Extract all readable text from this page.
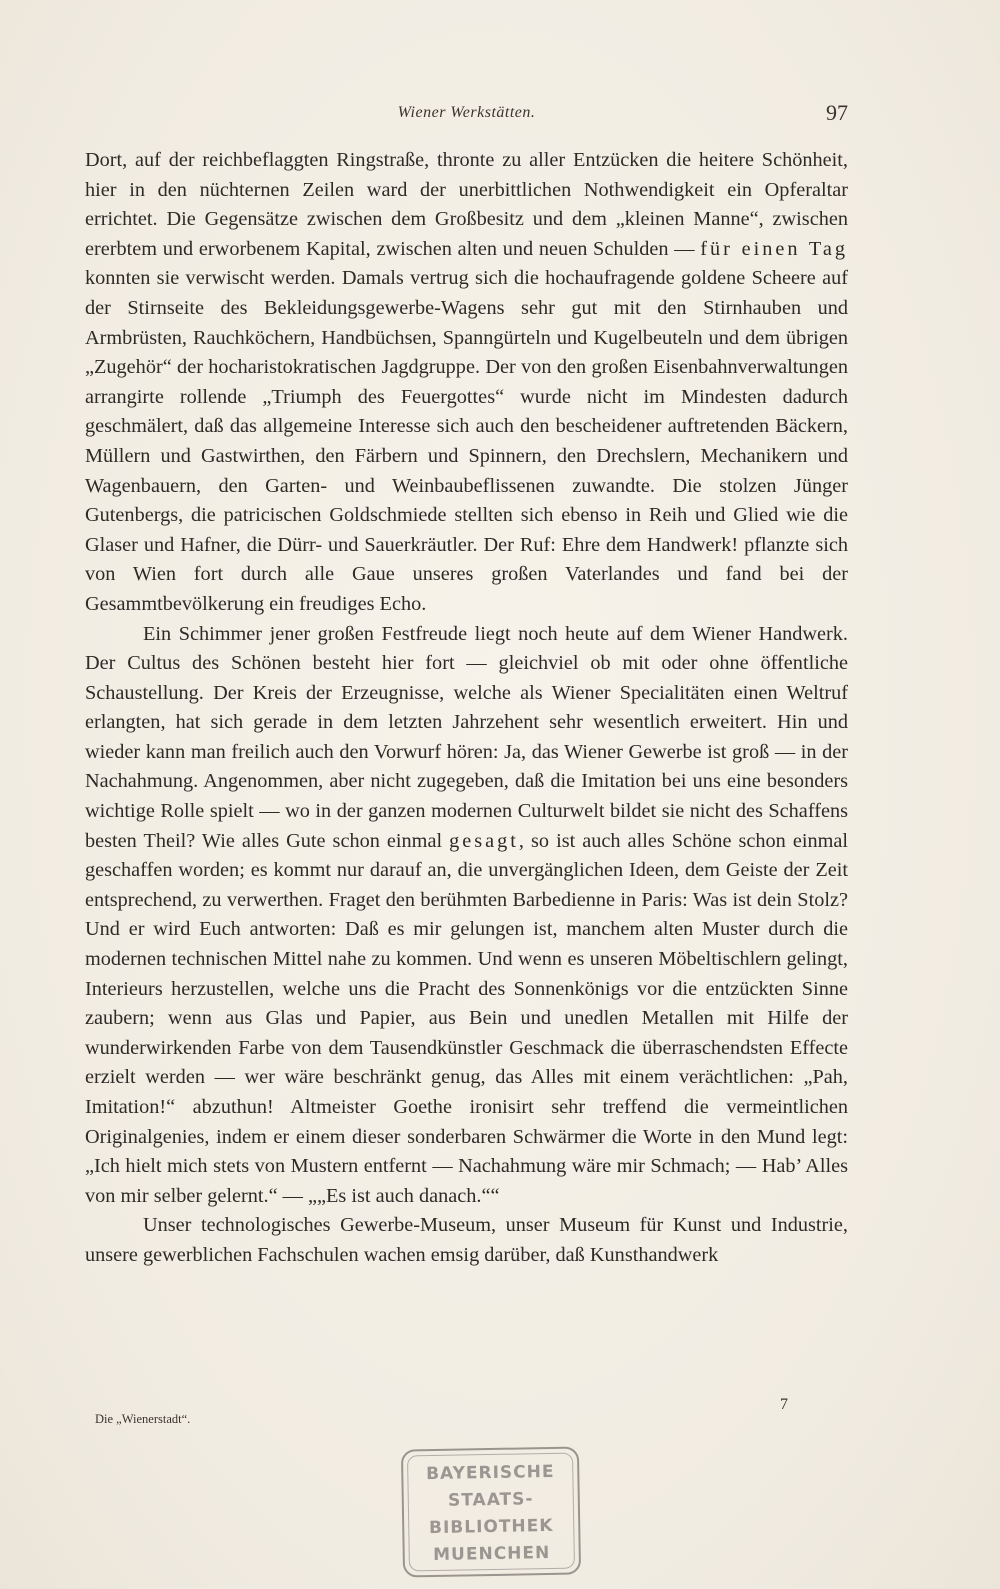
Wiener Werkstätten.	97

Dort, auf der reichbeflaggten Ringstraße, thronte zu aller Entzücken die heitere Schönheit, hier in den nüchternen Zeilen ward der unerbittlichen Nothwendigkeit ein Opferaltar errichtet. Die Gegensätze zwischen dem Großbesitz und dem „kleinen Manne“, zwischen ererbtem und erworbenem Kapital, zwischen alten und neuen Schulden — für einen Tag konnten sie verwischt werden. Damals vertrug sich die hochaufragende goldene Scheere auf der Stirnseite des Bekleidungsgewerbe-Wagens sehr gut mit den Stirnhauben und Armbrüsten, Rauchköchern, Handbüchsen, Spanngürteln und Kugelbeuteln und dem übrigen „Zugehör“ der hocharistokratischen Jagdgruppe. Der von den großen Eisenbahnverwaltungen arrangirte rollende „Triumph des Feuergottes“ wurde nicht im Mindesten dadurch geschmälert, daß das allgemeine Interesse sich auch den bescheidener auftretenden Bäckern, Müllern und Gastwirthen, den Färbern und Spinnern, den Drechslern, Mechanikern und Wagenbauern, den Garten- und Weinbaubeflissenen zuwandte. Die stolzen Jünger Gutenbergs, die patricischen Goldschmiede stellten sich ebenso in Reih und Glied wie die Glaser und Hafner, die Dürr- und Sauerkräutler. Der Ruf: Ehre dem Handwerk! pflanzte sich von Wien fort durch alle Gaue unseres großen Vaterlandes und fand bei der Gesammtbevölkerung ein freudiges Echo.

Ein Schimmer jener großen Festfreude liegt noch heute auf dem Wiener Handwerk. Der Cultus des Schönen besteht hier fort — gleichviel ob mit oder ohne öffentliche Schaustellung. Der Kreis der Erzeugnisse, welche als Wiener Specialitäten einen Weltruf erlangten, hat sich gerade in dem letzten Jahrzehent sehr wesentlich erweitert. Hin und wieder kann man freilich auch den Vorwurf hören: Ja, das Wiener Gewerbe ist groß — in der Nachahmung. Angenommen, aber nicht zugegeben, daß die Imitation bei uns eine besonders wichtige Rolle spielt — wo in der ganzen modernen Culturwelt bildet sie nicht des Schaffens besten Theil? Wie alles Gute schon einmal gesagt, so ist auch alles Schöne schon einmal geschaffen worden; es kommt nur darauf an, die unvergänglichen Ideen, dem Geiste der Zeit entsprechend, zu verwerthen. Fraget den berühmten Barbedienne in Paris: Was ist dein Stolz? Und er wird Euch antworten: Daß es mir gelungen ist, manchem alten Muster durch die modernen technischen Mittel nahe zu kommen. Und wenn es unseren Möbeltischlern gelingt, Interieurs herzustellen, welche uns die Pracht des Sonnenkönigs vor die entzückten Sinne zaubern; wenn aus Glas und Papier, aus Bein und unedlen Metallen mit Hilfe der wunderwirkenden Farbe von dem Tausendkünstler Geschmack die überraschendsten Effecte erzielt werden — wer wäre beschränkt genug, das Alles mit einem verächtlichen: „Pah, Imitation!“ abzuthun! Altmeister Goethe ironisirt sehr treffend die vermeintlichen Originalgenies, indem er einem dieser sonderbaren Schwärmer die Worte in den Mund legt: „Ich hielt mich stets von Mustern entfernt — Nachahmung wäre mir Schmach; — Hab’ Alles von mir selber gelernt.“ — „„Es ist auch danach.““

Unser technologisches Gewerbe-Museum, unser Museum für Kunst und Industrie, unsere gewerblichen Fachschulen wachen emsig darüber, daß Kunsthandwerk

Die „Wienerstadt“.
7
BAYERISCHE
STAATS-
BIBLIOTHEK
MUENCHEN
